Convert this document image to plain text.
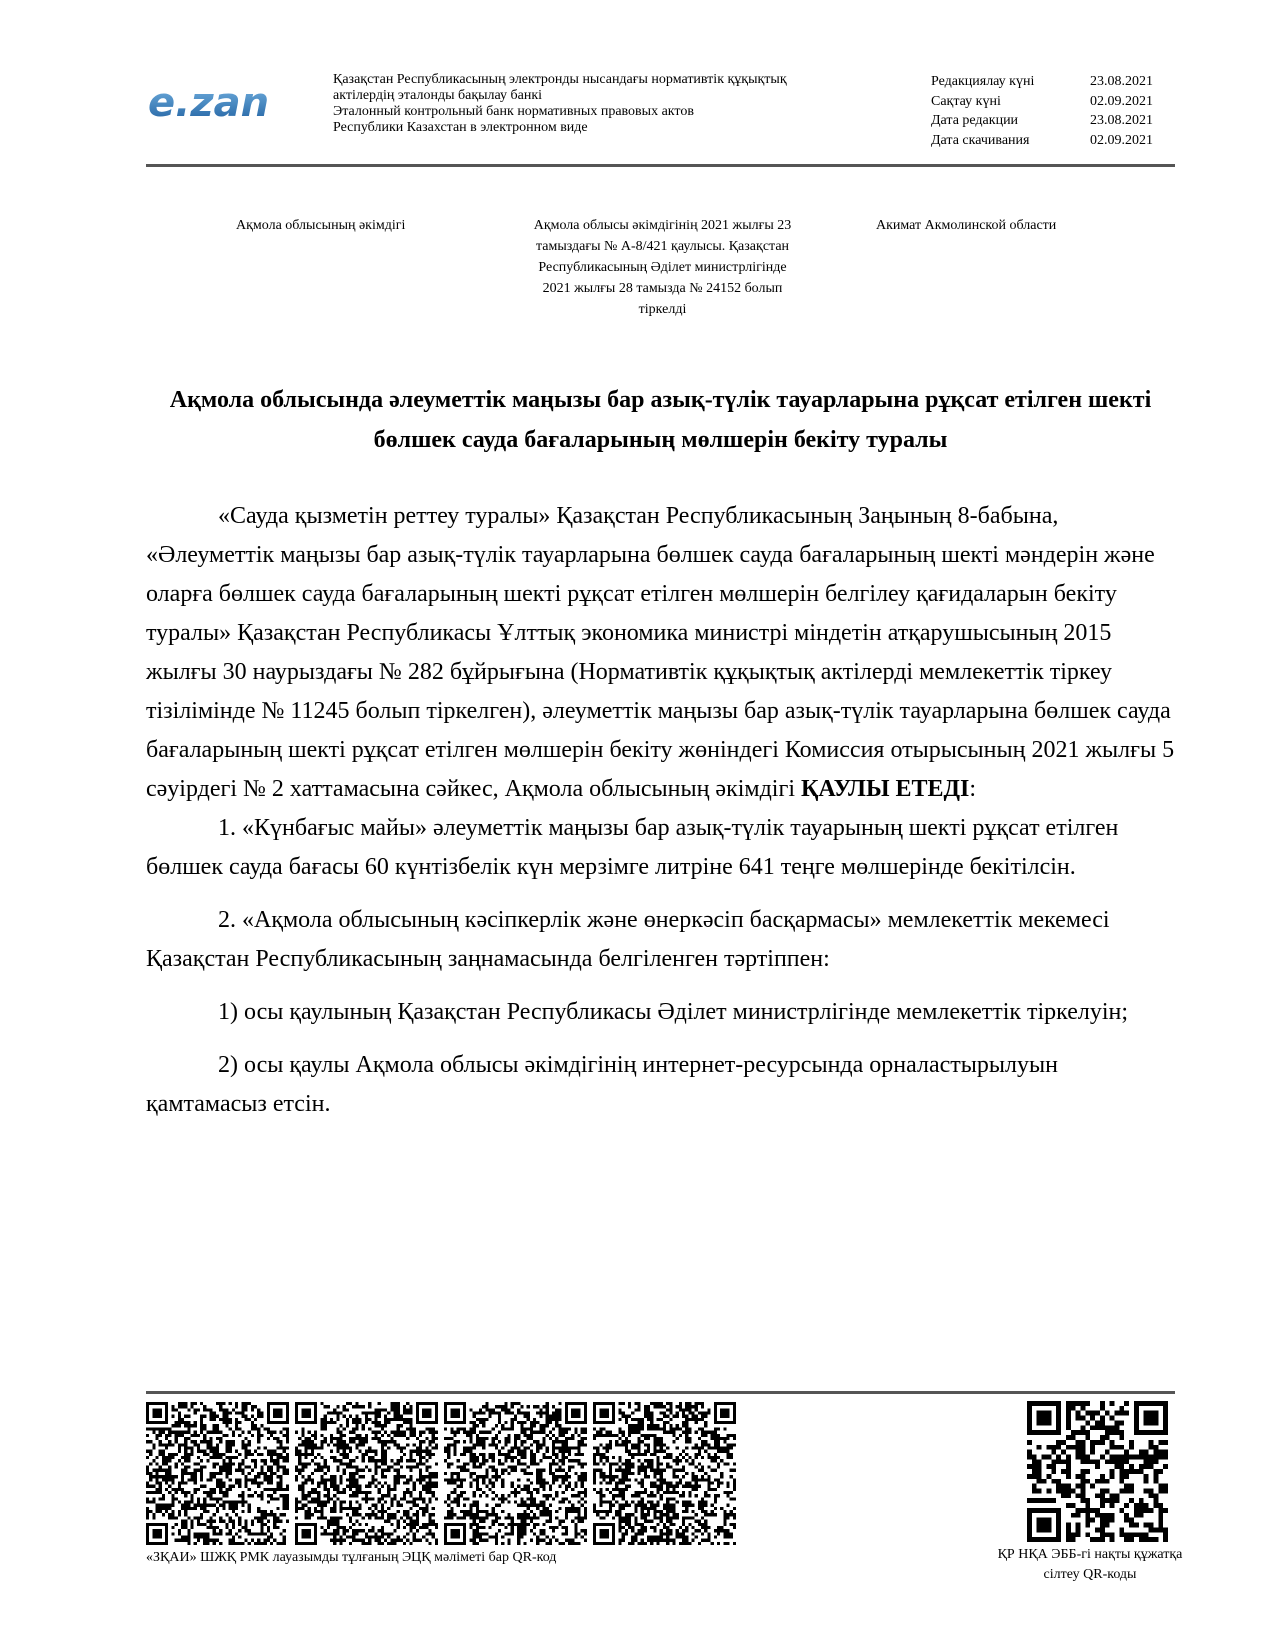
e.zan
Қазақстан Республикасының электронды нысандағы нормативтік құқықтық
актілердің эталонды бақылау банкі
Эталонный контрольный банк нормативных правовых актов
Республики Казахстан в электронном виде
Редакциялау күні	23.08.2021
Сақтау күні	02.09.2021
Дата редакции	23.08.2021
Дата скачивания	02.09.2021
Ақмола облысының әкімдігі	Ақмола облысы әкімдігінің 2021 жылғы 23 тамыздағы № А-8/421 қаулысы. Қазақстан Республикасының Әділет министрлігінде 2021 жылғы 28 тамызда № 24152 болып тіркелді
Акимат Акмолинской области
Ақмола облысында әлеуметтік маңызы бар азық-түлік тауарларына рұқсат етілген шекті бөлшек сауда бағаларының мөлшерін бекіту туралы

«Сауда қызметін реттеу туралы» Қазақстан Республикасының Заңының 8-бабына, «Әлеуметтік маңызы бар азық-түлік тауарларына бөлшек сауда бағаларының шекті мәндерін және оларға бөлшек сауда бағаларының шекті рұқсат етілген мөлшерін белгілеу қағидаларын бекіту туралы» Қазақстан Республикасы Ұлттық экономика министрі міндетін атқарушысының 2015 жылғы 30 наурыздағы № 282 бұйрығына (Нормативтік құқықтық актілерді мемлекеттік тіркеу тізілімінде № 11245 болып тіркелген), әлеуметтік маңызы бар азық-түлік тауарларына бөлшек сауда бағаларының шекті рұқсат етілген мөлшерін бекіту жөніндегі Комиссия отырысының 2021 жылғы 5 сәуірдегі № 2 хаттамасына сәйкес, Ақмола облысының әкімдігі ҚАУЛЫ ЕТЕДІ:

1. «Күнбағыс майы» әлеуметтік маңызы бар азық-түлік тауарының шекті рұқсат етілген бөлшек сауда бағасы 60 күнтізбелік күн мерзімге литріне 641 теңге мөлшерінде бекітілсін.

2. «Ақмола облысының кәсіпкерлік және өнеркәсіп басқармасы» мемлекеттік мекемесі Қазақстан Республикасының заңнамасында белгіленген тәртіппен:

1) осы қаулының Қазақстан Республикасы Әділет министрлігінде мемлекеттік тіркелуін;

2) осы қаулы Ақмола облысы әкімдігінің интернет-ресурсында орналастырылуын қамтамасыз етсін.

«ЗҚАИ» ШЖҚ РМК лауазымды тұлғаның ЭЦҚ мәліметі бар QR-код	ҚР НҚА ЭББ-гі нақты құжатқа сілтеу QR-коды
